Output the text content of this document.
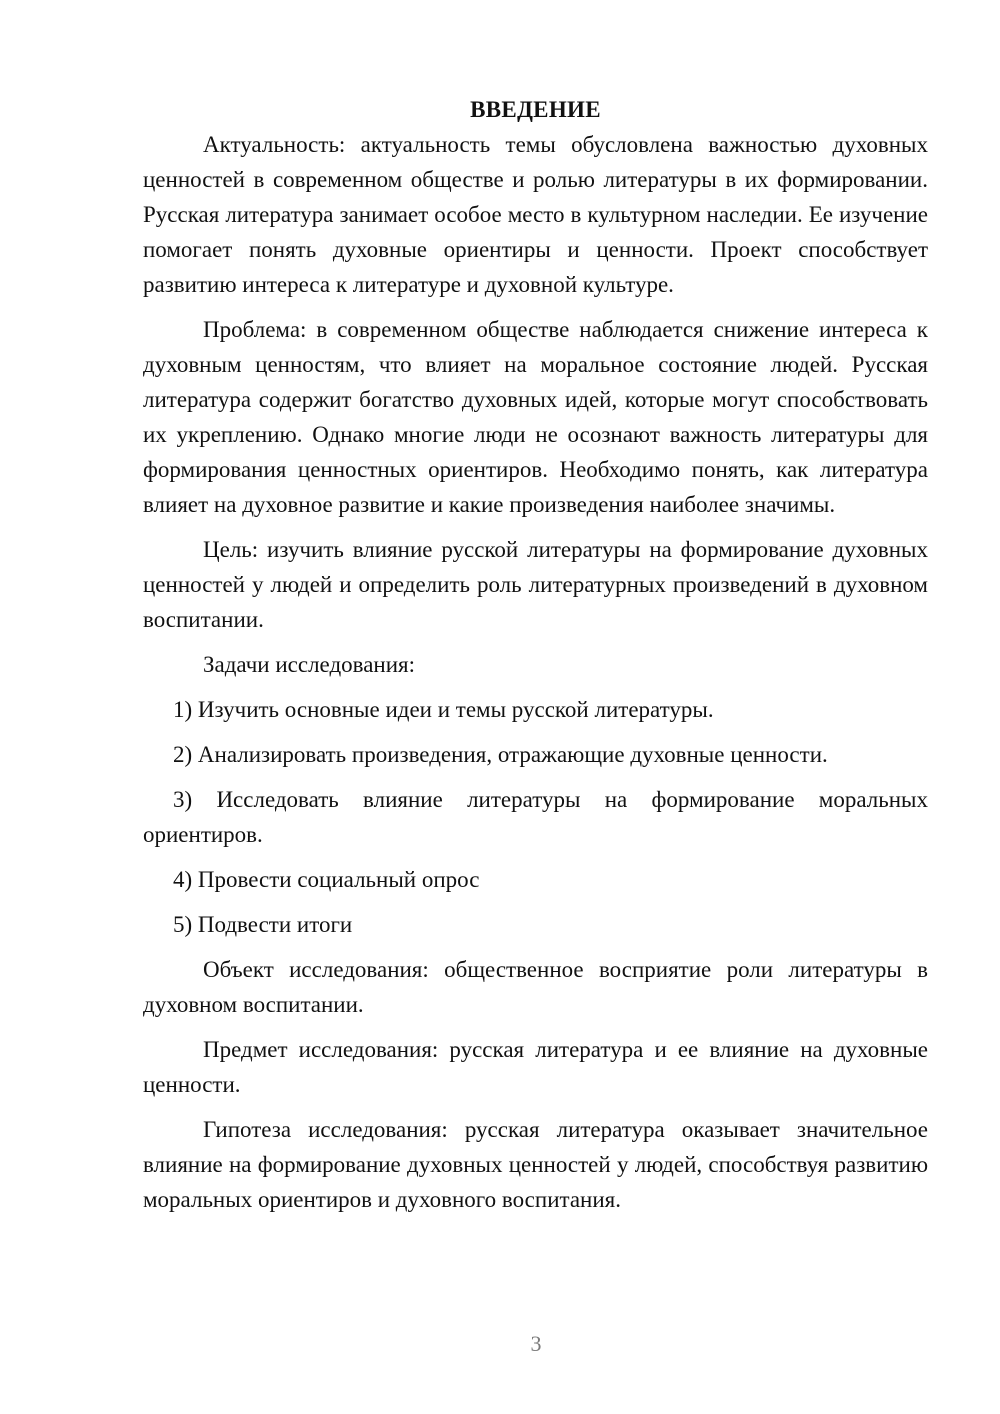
ВВЕДЕНИЕ

Актуальность: актуальность темы обусловлена важностью духовных ценностей в современном обществе и ролью литературы в их формировании. Русская литература занимает особое место в культурном наследии. Ее изучение помогает понять духовные ориентиры и ценности. Проект способствует развитию интереса к литературе и духовной культуре.

Проблема: в современном обществе наблюдается снижение интереса к духовным ценностям, что влияет на моральное состояние людей. Русская литература содержит богатство духовных идей, которые могут способствовать их укреплению. Однако многие люди не осознают важность литературы для формирования ценностных ориентиров. Необходимо понять, как литература влияет на духовное развитие и какие произведения наиболее значимы.

Цель: изучить влияние русской литературы на формирование духовных ценностей у людей и определить роль литературных произведений в духовном воспитании.

Задачи исследования:

1) Изучить основные идеи и темы русской литературы.

2) Анализировать произведения, отражающие духовные ценности.

3) Исследовать влияние литературы на формирование моральных ориентиров.

4) Провести социальный опрос

5) Подвести итоги

Объект исследования: общественное восприятие роли литературы в духовном воспитании.

Предмет исследования: русская литература и ее влияние на духовные ценности.

Гипотеза исследования: русская литература оказывает значительное влияние на формирование духовных ценностей у людей, способствуя развитию моральных ориентиров и духовного воспитания.

3
